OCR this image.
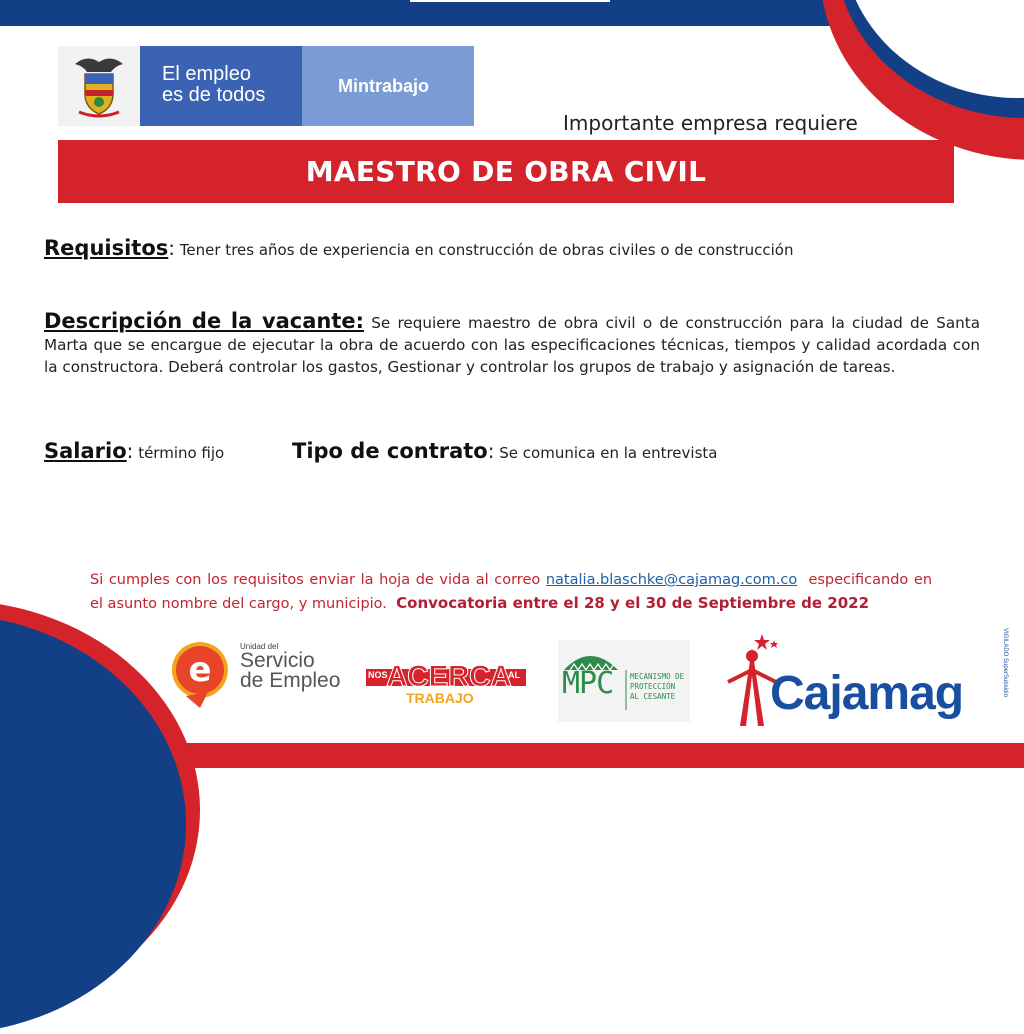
El empleo
es de todos	Mintrabajo
Importante empresa requiere
MAESTRO DE OBRA CIVIL
Requisitos: Tener tres años de experiencia en construcción de obras civiles o de construcción
Descripción de la vacante: Se requiere maestro de obra civil o de construcción para la ciudad de Santa Marta que se encargue de ejecutar la obra de acuerdo con las especificaciones técnicas, tiempos y calidad acordada con la constructora. Deberá controlar los gastos, Gestionar y controlar los grupos de trabajo y asignación de tareas.
Salario: término fijo	Tipo de contrato: Se comunica en la entrevista
Si cumples con los requisitos enviar la hoja de vida al correo natalia.blaschke@cajamag.com.co especificando en el asunto nombre del cargo, y municipio. Convocatoria entre el 28 y el 30 de Septiembre de 2022
e
Unidad del
Servicio
de Empleo	NOS
ACERCA
AL
TRABAJO	MPC MECANISMO DE
PROTECCIÓN
AL CESANTE Cajamag	VIGILADO SuperSubsidio
